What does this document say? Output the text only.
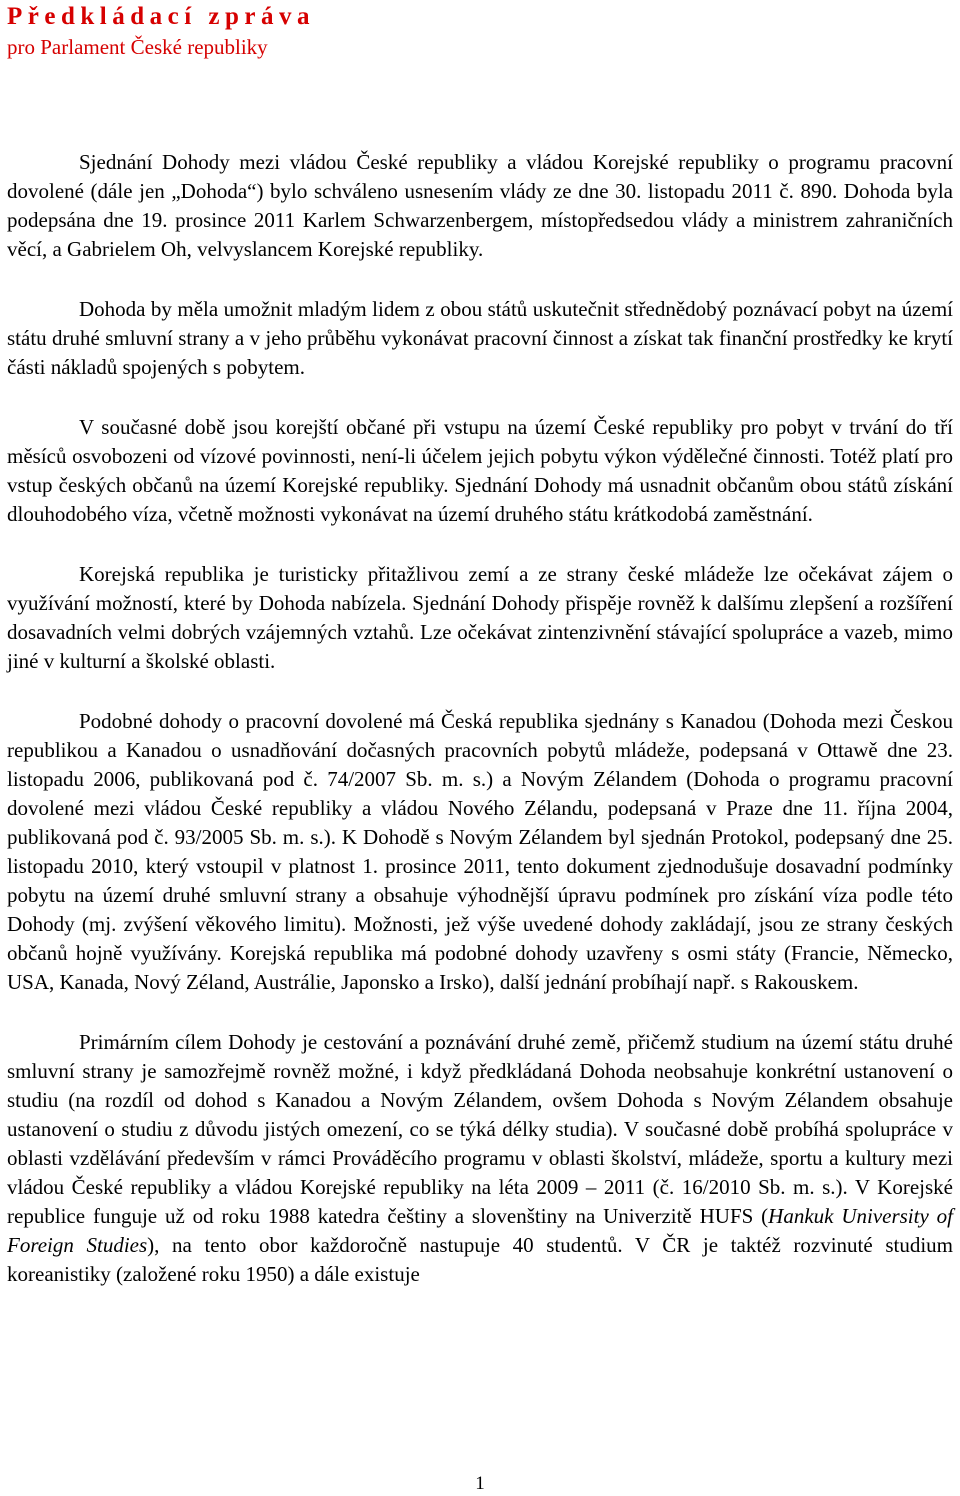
Předkládací zpráva
pro Parlament České republiky

Sjednání Dohody mezi vládou České republiky a vládou Korejské republiky o programu pracovní dovolené (dále jen „Dohoda“) bylo schváleno usnesením vlády ze dne 30. listopadu 2011 č. 890. Dohoda byla podepsána dne 19. prosince 2011 Karlem Schwarzenbergem, místopředsedou vlády a ministrem zahraničních věcí, a Gabrielem Oh, velvyslancem Korejské republiky.

Dohoda by měla umožnit mladým lidem z obou států uskutečnit střednědobý poznávací pobyt na území státu druhé smluvní strany a v jeho průběhu vykonávat pracovní činnost a získat tak finanční prostředky ke krytí části nákladů spojených s pobytem.

V současné době jsou korejští občané při vstupu na území České republiky pro pobyt v trvání do tří měsíců osvobozeni od vízové povinnosti, není-li účelem jejich pobytu výkon výdělečné činnosti. Totéž platí pro vstup českých občanů na území Korejské republiky. Sjednání Dohody má usnadnit občanům obou států získání dlouhodobého víza, včetně možnosti vykonávat na území druhého státu krátkodobá zaměstnání.

Korejská republika je turisticky přitažlivou zemí a ze strany české mládeže lze očekávat zájem o využívání možností, které by Dohoda nabízela. Sjednání Dohody přispěje rovněž k dalšímu zlepšení a rozšíření dosavadních velmi dobrých vzájemných vztahů. Lze očekávat zintenzivnění stávající spolupráce a vazeb, mimo jiné v kulturní a školské oblasti.

Podobné dohody o pracovní dovolené má Česká republika sjednány s Kanadou (Dohoda mezi Českou republikou a Kanadou o usnadňování dočasných pracovních pobytů mládeže, podepsaná v Ottawě dne 23. listopadu 2006, publikovaná pod č. 74/2007 Sb. m. s.) a Novým Zélandem (Dohoda o programu pracovní dovolené mezi vládou České republiky a vládou Nového Zélandu, podepsaná v Praze dne 11. října 2004, publikovaná pod č. 93/2005 Sb. m. s.). K Dohodě s Novým Zélandem byl sjednán Protokol, podepsaný dne 25. listopadu 2010, který vstoupil v platnost 1. prosince 2011, tento dokument zjednodušuje dosavadní podmínky pobytu na území druhé smluvní strany a obsahuje výhodnější úpravu podmínek pro získání víza podle této Dohody (mj. zvýšení věkového limitu). Možnosti, jež výše uvedené dohody zakládají, jsou ze strany českých občanů hojně využívány. Korejská republika má podobné dohody uzavřeny s osmi státy (Francie, Německo, USA, Kanada, Nový Zéland, Austrálie, Japonsko a Irsko), další jednání probíhají např. s Rakouskem.

Primárním cílem Dohody je cestování a poznávání druhé země, přičemž studium na území státu druhé smluvní strany je samozřejmě rovněž možné, i když předkládaná Dohoda neobsahuje konkrétní ustanovení o studiu (na rozdíl od dohod s Kanadou a Novým Zélandem, ovšem Dohoda s Novým Zélandem obsahuje ustanovení o studiu z důvodu jistých omezení, co se týká délky studia). V současné době probíhá spolupráce v oblasti vzdělávání především v rámci Prováděcího programu v oblasti školství, mládeže, sportu a kultury mezi vládou České republiky a vládou Korejské republiky na léta 2009 – 2011 (č. 16/2010 Sb. m. s.). V Korejské republice funguje už od roku 1988 katedra češtiny a slovenštiny na Univerzitě HUFS (Hankuk University of Foreign Studies), na tento obor každoročně nastupuje 40 studentů. V ČR je taktéž rozvinuté studium koreanistiky (založené roku 1950) a dále existuje

1
